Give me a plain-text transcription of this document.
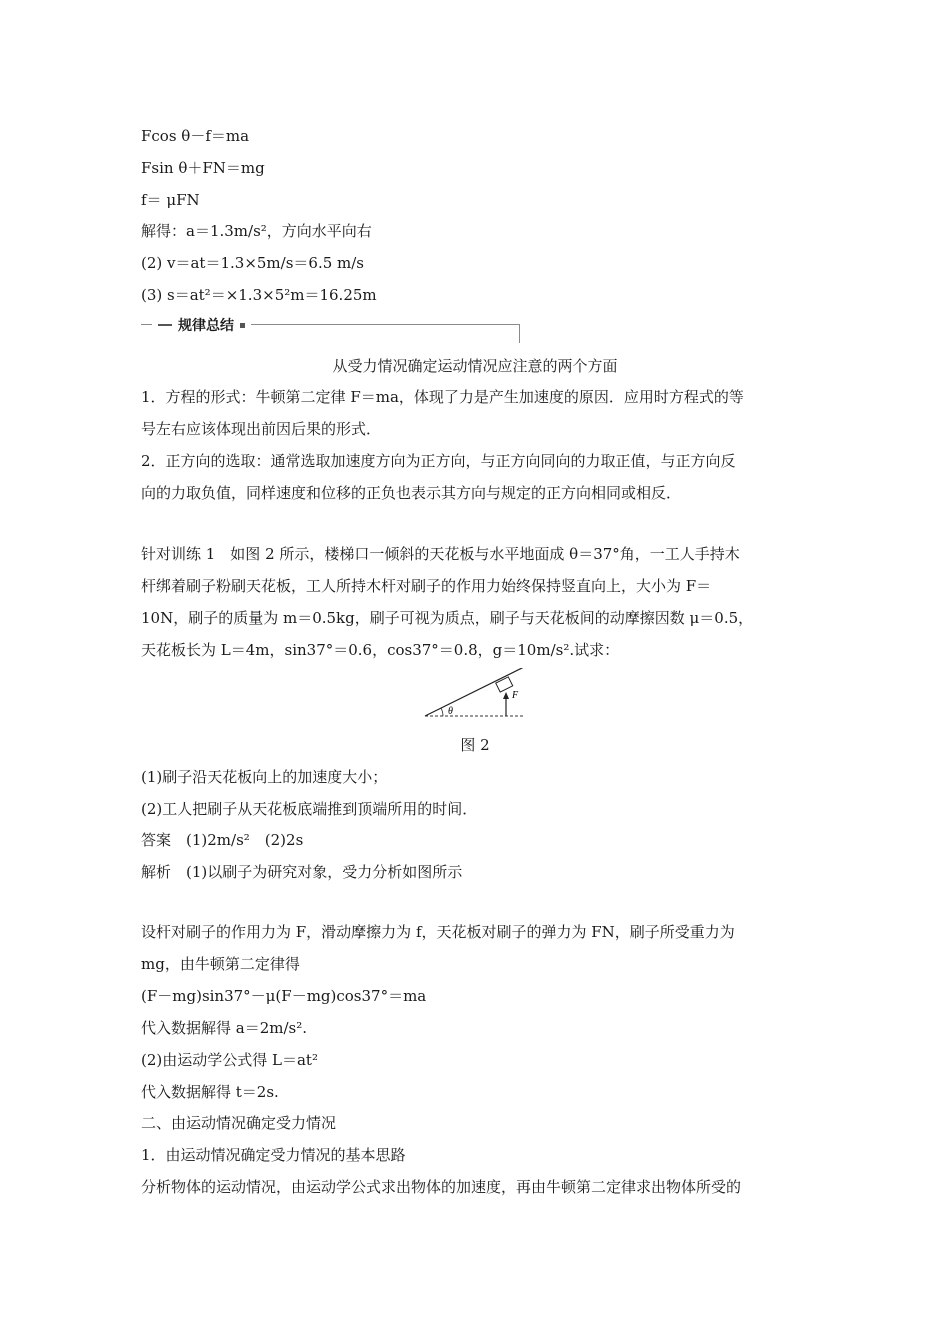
Fcos θ－f＝ma
Fsin θ＋FN＝mg
f＝ μFN
解得：a＝1.3m/s²，方向水平向右
(2) v＝at＝1.3×5m/s＝6.5 m/s
(3) s＝at²＝×1.3×5²m＝16.25m
规律总结
从受力情况确定运动情况应注意的两个方面
1．方程的形式：牛顿第二定律 F＝ma，体现了力是产生加速度的原因．应用时方程式的等
号左右应该体现出前因后果的形式．
2．正方向的选取：通常选取加速度方向为正方向，与正方向同向的力取正值，与正方向反
向的力取负值，同样速度和位移的正负也表示其方向与规定的正方向相同或相反．
针对训练 1　如图 2 所示，楼梯口一倾斜的天花板与水平地面成 θ＝37°角，一工人手持木
杆绑着刷子粉刷天花板，工人所持木杆对刷子的作用力始终保持竖直向上，大小为 F＝
10N，刷子的质量为 m＝0.5kg，刷子可视为质点，刷子与天花板间的动摩擦因数 μ＝0.5，
天花板长为 L＝4m，sin37°＝0.6，cos37°＝0.8，g＝10m/s².试求：
F
θ
图 2
(1)刷子沿天花板向上的加速度大小；
(2)工人把刷子从天花板底端推到顶端所用的时间．
答案　(1)2m/s²　(2)2s
解析　(1)以刷子为研究对象，受力分析如图所示
设杆对刷子的作用力为 F，滑动摩擦力为 f，天花板对刷子的弹力为 FN，刷子所受重力为
mg，由牛顿第二定律得
(F－mg)sin37°－μ(F－mg)cos37°＝ma
代入数据解得 a＝2m/s².
(2)由运动学公式得 L＝at²
代入数据解得 t＝2s.
二、由运动情况确定受力情况
1．由运动情况确定受力情况的基本思路
分析物体的运动情况，由运动学公式求出物体的加速度，再由牛顿第二定律求出物体所受的
